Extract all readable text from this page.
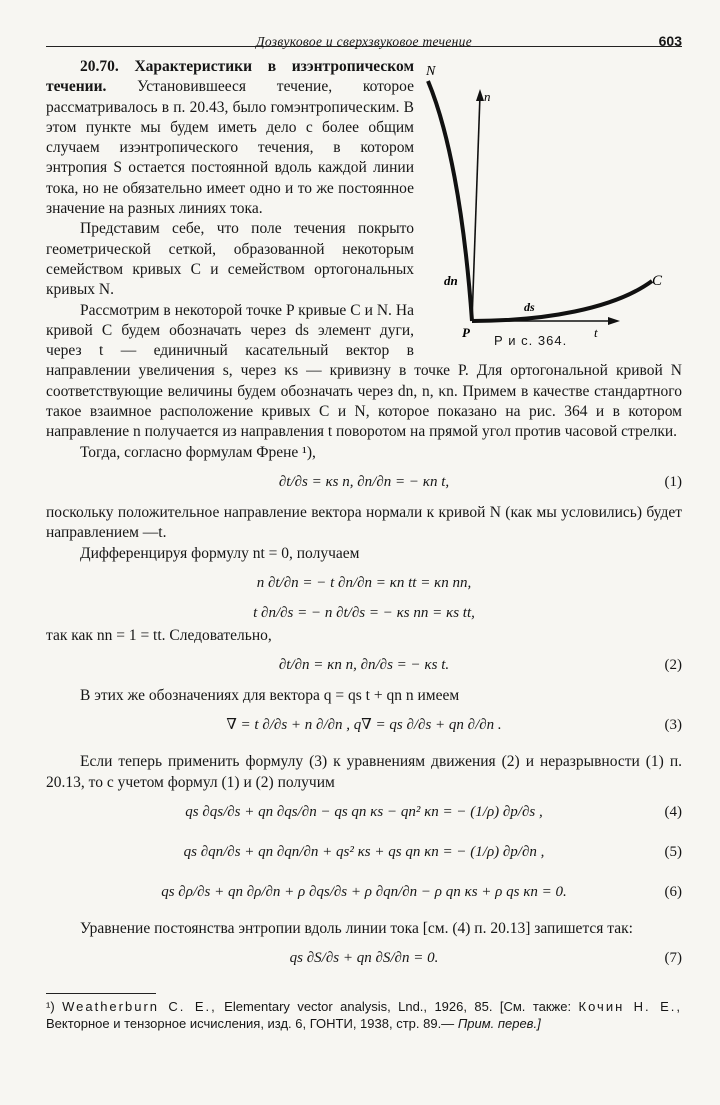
Дозвуковое и сверхзвуковое течение	603
N
n
dn
ds
C
P	t
Р и с. 364.

20.70. Характеристики в изэнтропическом течении. Установившееся течение, которое рассматривалось в п. 20.43, было гомэнтропическим. В этом пункте мы будем иметь дело с более общим случаем изэнтропического течения, в котором энтропия S остается постоянной вдоль каждой линии тока, но не обязательно имеет одно и то же постоянное значение на разных линиях тока.

Представим себе, что поле течения покрыто геометрической сеткой, образованной некоторым семейством кривых C и семейством ортогональных кривых N.

Рассмотрим в некоторой точке P кривые C и N. На кривой C будем обозначать через ds элемент дуги, через t — единичный касательный вектор в направлении увеличения s, через κs — кривизну в точке P. Для ортогональной кривой N соответствующие величины будем обозначать через dn, n, κn. Примем в качестве стандартного такое взаимное расположение кривых C и N, которое показано на рис. 364 и в котором направление n получается из направления t поворотом на прямой угол против часовой стрелки.

Тогда, согласно формулам Френе ¹),

∂t/∂s = κs n, ∂n/∂n = − κn t,	(1)

поскольку положительное направление вектора нормали к кривой N (как мы условились) будет направлением —t.

Дифференцируя формулу nt = 0, получаем

n ∂t/∂n = − t ∂n/∂n = κn tt = κn nn,
t ∂n/∂s = − n ∂t/∂s = − κs nn = κs tt,

так как nn = 1 = tt. Следовательно,

∂t/∂n = κn n, ∂n/∂s = − κs t.	(2)

В этих же обозначениях для вектора q = qs t + qn n имеем

∇ = t ∂/∂s + n ∂/∂n , q∇ = qs ∂/∂s + qn ∂/∂n .	(3)

Если теперь применить формулу (3) к уравнениям движения (2) и неразрывности (1) п. 20.13, то с учетом формул (1) и (2) получим

qs ∂qs/∂s + qn ∂qs/∂n − qs qn κs − qn² κn = − (1/ρ) ∂p/∂s ,	(4)
qs ∂qn/∂s + qn ∂qn/∂n + qs² κs + qs qn κn = − (1/ρ) ∂p/∂n ,	(5)
qs ∂ρ/∂s + qn ∂ρ/∂n + ρ ∂qs/∂s + ρ ∂qn/∂n − ρ qn κs + ρ qs κn = 0.	(6)

Уравнение постоянства энтропии вдоль линии тока [см. (4) п. 20.13] запишется так:

qs ∂S/∂s + qn ∂S/∂n = 0.	(7)

¹) Weatherburn C. E., Elementary vector analysis, Lnd., 1926, 85. [См. также: Кочин Н. Е., Векторное и тензорное исчисления, изд. 6, ГОНТИ, 1938, стр. 89.— Прим. перев.]
